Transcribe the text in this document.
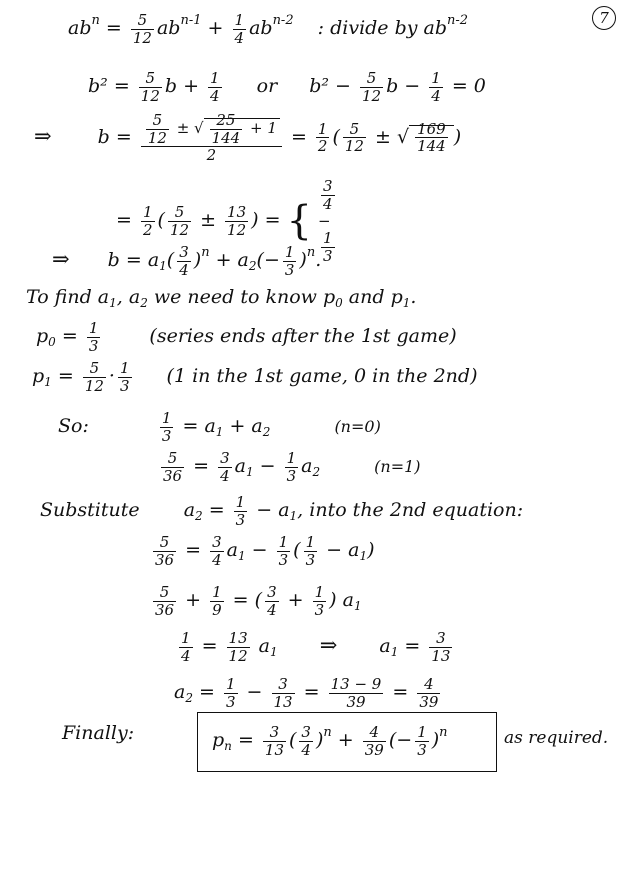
7
$ab^n = \frac{5}{12} ab^{n-1} + \frac{1}{4} ab^{n-2}$ : divide by $ab^{n-2}$
$b^2 = \frac{5}{12}$ $b + \frac{1}{4}$ or $b^2 - \frac{5}{12}$ $b - \frac{1}{4} = 0$
⇒ $b = \frac{\frac{5}{12} \pm √ \frac{25}{144} + 1}{2} = \frac{1}{2}$ ( $\frac{5}{12}$ ± √ $\frac{169}{144}$ )
= $\frac{1}{2}$ ( $\frac{5}{12} \pm \frac{13}{12}$ ) = {
3
4
−
1
3
⇒ $b = a_1( \frac{3}{4} )^n + a_2(- \frac{1}{3} )^n$.
To find $a_1$, $a_2$ we need to know $p_0$ and $p_1$.
$p_0 = \frac{1}{3}$	(series ends after the 1st game)
$p_1 = \frac{5}{12} \cdot \frac{1}{3} (1$ in the 1st game, 0 in the 2nd)
So:	$\frac{1}{3} = a_1 + a_2$	(n=0)
$\frac{5}{36} = \frac{3}{4} a_1 - \frac{1}{3} a_2$	(n=1)
Substitute $a_2 = \frac{1}{3} - a_1$, into the 2nd equation:
$\frac{5}{36} = \frac{3}{4} a_1 - \frac{1}{3}$ ( $\frac{1}{3} - a_1$)
$\frac{5}{36} + \frac{1}{9}$ = ( $\frac{3}{4} + \frac{1}{3}$ ) $a_1$
$\frac{1}{4} = \frac{13}{12} a_1$ ⇒ $a_1 = \frac{3}{13}$
$a_2 = \frac{1}{3} - \frac{3}{13} = \frac{13 - 9}{39} = \frac{4}{39}$
Finally:	$p_n = \frac{3}{13}$ ( $\frac{3}{4} )^n + \frac{4}{39}$ (− $\frac{1}{3} )^n$	as required.
